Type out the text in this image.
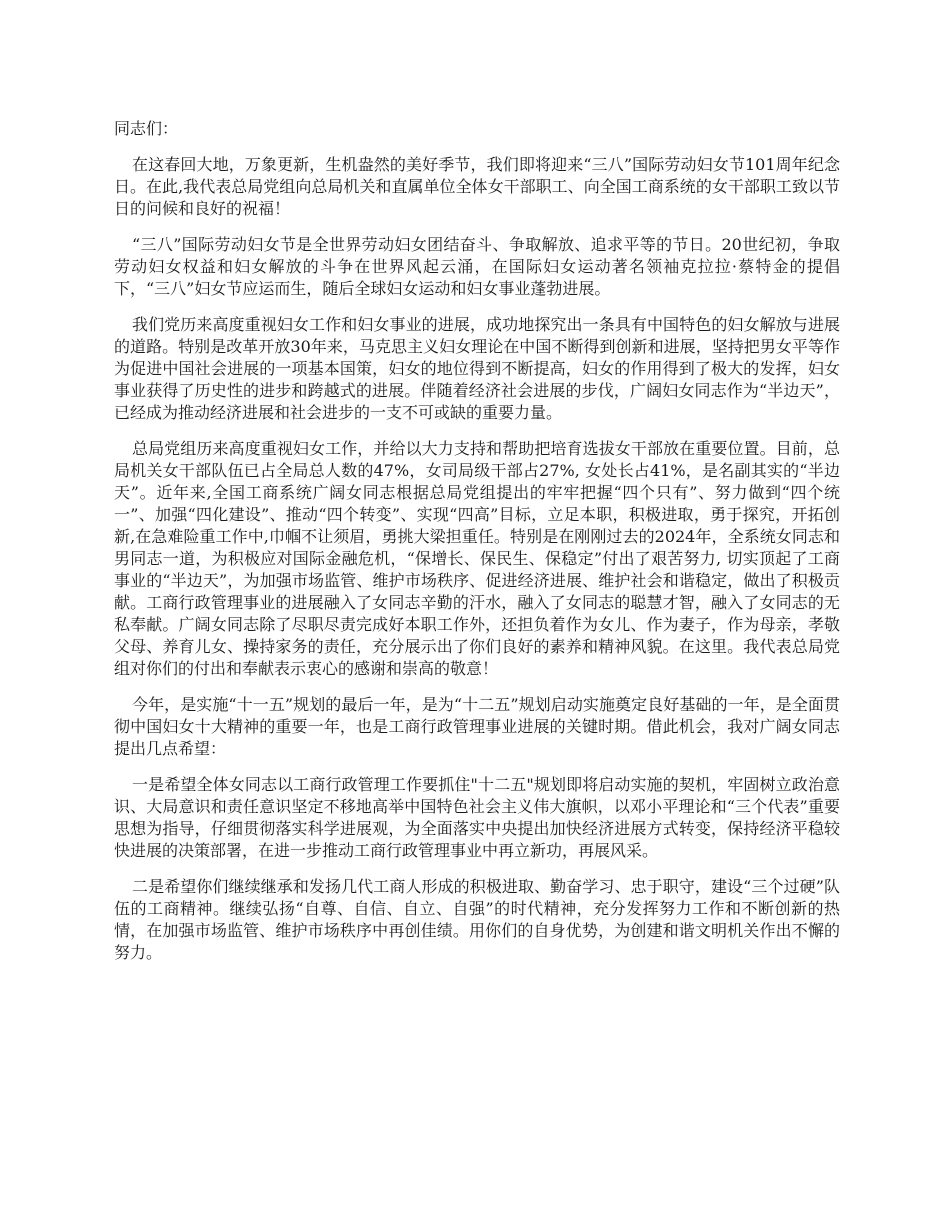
同志们：

在这春回大地，万象更新，生机盎然的美好季节，我们即将迎来“三八”国际劳动妇女节101周年纪念日。在此,我代表总局党组向总局机关和直属单位全体女干部职工、向全国工商系统的女干部职工致以节日的问候和良好的祝福！

“三八”国际劳动妇女节是全世界劳动妇女团结奋斗、争取解放、追求平等的节日。20世纪初，争取劳动妇女权益和妇女解放的斗争在世界风起云涌，在国际妇女运动著名领袖克拉拉·蔡特金的提倡下，“三八”妇女节应运而生，随后全球妇女运动和妇女事业蓬勃进展。

我们党历来高度重视妇女工作和妇女事业的进展，成功地探究出一条具有中国特色的妇女解放与进展的道路。特别是改革开放30年来，马克思主义妇女理论在中国不断得到创新和进展，坚持把男女平等作为促进中国社会进展的一项基本国策，妇女的地位得到不断提高，妇女的作用得到了极大的发挥，妇女事业获得了历史性的进步和跨越式的进展。伴随着经济社会进展的步伐，广阔妇女同志作为“半边天”，已经成为推动经济进展和社会进步的一支不可或缺的重要力量。

总局党组历来高度重视妇女工作，并给以大力支持和帮助把培育选拔女干部放在重要位置。目前，总局机关女干部队伍已占全局总人数的47%，女司局级干部占27%, 女处长占41%，是名副其实的“半边天”。近年来,全国工商系统广阔女同志根据总局党组提出的牢牢把握“四个只有”、努力做到“四个统一”、加强“四化建设”、推动“四个转变”、实现“四高”目标，立足本职，积极进取，勇于探究，开拓创新,在急难险重工作中,巾帼不让须眉，勇挑大梁担重任。特别是在刚刚过去的2024年，全系统女同志和男同志一道，为积极应对国际金融危机，“保增长、保民生、保稳定”付出了艰苦努力, 切实顶起了工商事业的“半边天”，为加强市场监管、维护市场秩序、促进经济进展、维护社会和谐稳定，做出了积极贡献。工商行政管理事业的进展融入了女同志辛勤的汗水，融入了女同志的聪慧才智，融入了女同志的无私奉献。广阔女同志除了尽职尽责完成好本职工作外，还担负着作为女儿、作为妻子，作为母亲，孝敬父母、养育儿女、操持家务的责任，充分展示出了你们良好的素养和精神风貌。在这里。我代表总局党组对你们的付出和奉献表示衷心的感谢和崇高的敬意！

今年，是实施“十一五”规划的最后一年，是为“十二五”规划启动实施奠定良好基础的一年，是全面贯彻中国妇女十大精神的重要一年，也是工商行政管理事业进展的关键时期。借此机会，我对广阔女同志提出几点希望：

一是希望全体女同志以工商行政管理工作要抓住"十二五"规划即将启动实施的契机，牢固树立政治意识、大局意识和责任意识坚定不移地高举中国特色社会主义伟大旗帜，以邓小平理论和“三个代表”重要思想为指导，仔细贯彻落实科学进展观，为全面落实中央提出加快经济进展方式转变，保持经济平稳较快进展的决策部署，在进一步推动工商行政管理事业中再立新功，再展风采。

二是希望你们继续继承和发扬几代工商人形成的积极进取、勤奋学习、忠于职守，建设“三个过硬”队伍的工商精神。继续弘扬“自尊、自信、自立、自强”的时代精神，充分发挥努力工作和不断创新的热情，在加强市场监管、维护市场秩序中再创佳绩。用你们的自身优势，为创建和谐文明机关作出不懈的努力。
